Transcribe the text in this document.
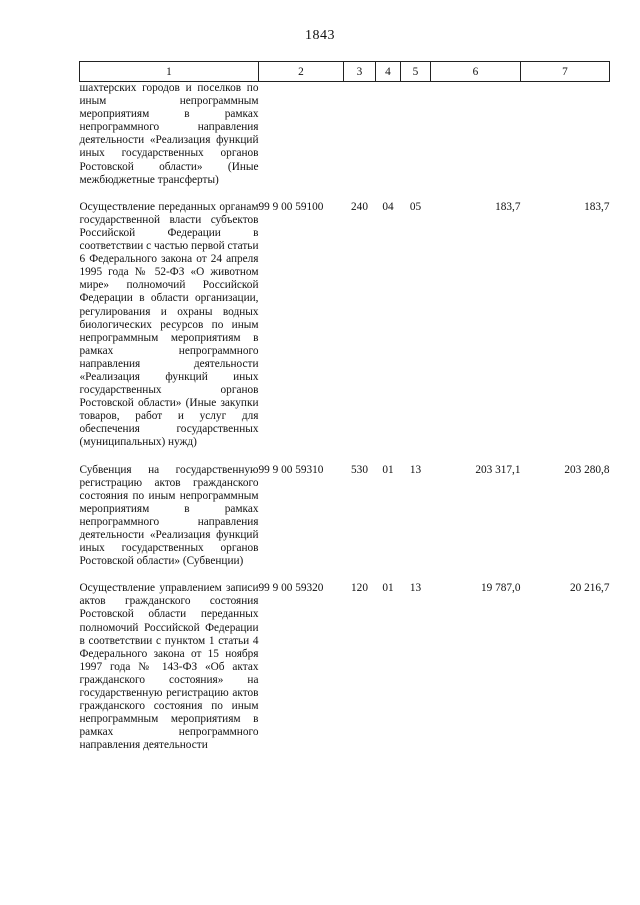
1843
1	2	3	4	5	6	7
шахтерских городов и поселков по иным непрограммным мероприятиям в рамках непрограммного направления деятельности «Реализация функций иных государственных органов Ростовской области» (Иные межбюджетные трансферты)						
Осуществление переданных органам государственной власти субъектов Российской Федерации в соответствии с частью первой статьи 6 Федерального закона от 24 апреля 1995 года № 52-ФЗ «О животном мире» полномочий Российской Федерации в области организации, регулирования и охраны водных биологических ресурсов по иным непрограммным мероприятиям в рамках непрограммного направления деятельности «Реализация функций иных государственных органов Ростовской области» (Иные закупки товаров, работ и услуг для обеспечения государственных (муниципальных) нужд)	99 9 00 59100	240	04	05	183,7	183,7
Субвенция на государственную регистрацию актов гражданского состояния по иным непрограммным мероприятиям в рамках непрограммного направления деятельности «Реализация функций иных государственных органов Ростовской области» (Субвенции)	99 9 00 59310	530	01	13	203 317,1	203 280,8
Осуществление управлением записи актов гражданского состояния Ростовской области переданных полномочий Российской Федерации в соответствии с пунктом 1 статьи 4 Федерального закона от 15 ноября 1997 года № 143-ФЗ «Об актах гражданского состояния» на государственную регистрацию актов гражданского состояния по иным непрограммным мероприятиям в рамках непрограммного направления деятельности	99 9 00 59320	120	01	13	19 787,0	20 216,7
